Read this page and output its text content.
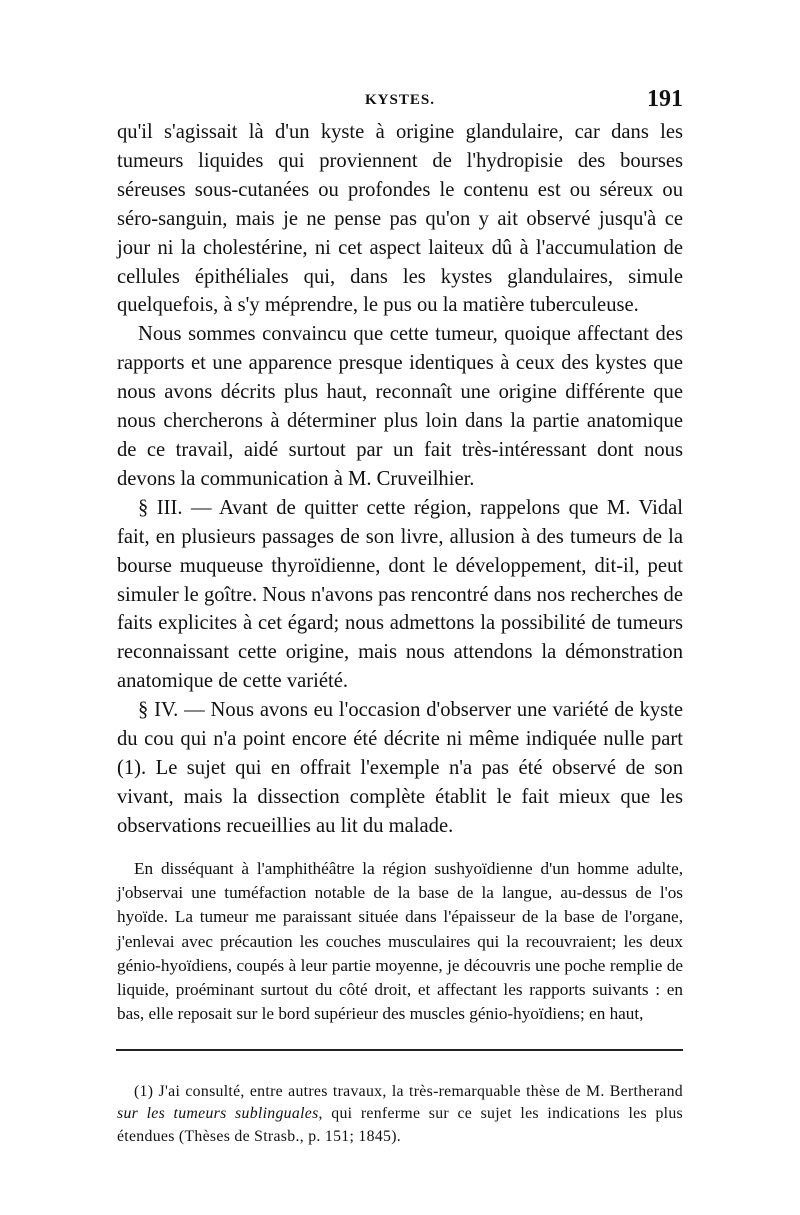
KYSTES.	191

qu'il s'agissait là d'un kyste à origine glandulaire, car dans les tumeurs liquides qui proviennent de l'hydropisie des bourses séreuses sous-cutanées ou profondes le contenu est ou séreux ou séro-sanguin, mais je ne pense pas qu'on y ait observé jusqu'à ce jour ni la cholestérine, ni cet aspect laiteux dû à l'accumulation de cellules épithéliales qui, dans les kystes glandulaires, simule quelquefois, à s'y méprendre, le pus ou la matière tuberculeuse.

Nous sommes convaincu que cette tumeur, quoique affectant des rapports et une apparence presque identiques à ceux des kystes que nous avons décrits plus haut, reconnaît une origine différente que nous chercherons à déterminer plus loin dans la partie anatomique de ce travail, aidé surtout par un fait très-intéressant dont nous devons la communication à M. Cruveilhier.

§ III. — Avant de quitter cette région, rappelons que M. Vidal fait, en plusieurs passages de son livre, allusion à des tumeurs de la bourse muqueuse thyroïdienne, dont le développement, dit-il, peut simuler le goître. Nous n'avons pas rencontré dans nos recherches de faits explicites à cet égard; nous admettons la possibilité de tumeurs reconnaissant cette origine, mais nous attendons la démonstration anatomique de cette variété.

§ IV. — Nous avons eu l'occasion d'observer une variété de kyste du cou qui n'a point encore été décrite ni même indiquée nulle part (1). Le sujet qui en offrait l'exemple n'a pas été observé de son vivant, mais la dissection complète établit le fait mieux que les observations recueillies au lit du malade.

En disséquant à l'amphithéâtre la région sushyoïdienne d'un homme adulte, j'observai une tuméfaction notable de la base de la langue, au-dessus de l'os hyoïde. La tumeur me paraissant située dans l'épaisseur de la base de l'organe, j'enlevai avec précaution les couches musculaires qui la recouvraient; les deux génio-hyoïdiens, coupés à leur partie moyenne, je découvris une poche remplie de liquide, proéminant surtout du côté droit, et affectant les rapports suivants : en bas, elle reposait sur le bord supérieur des muscles génio-hyoïdiens; en haut,

(1) J'ai consulté, entre autres travaux, la très-remarquable thèse de M. Bertherand sur les tumeurs sublinguales, qui renferme sur ce sujet les indications les plus étendues (Thèses de Strasb., p. 151; 1845).
